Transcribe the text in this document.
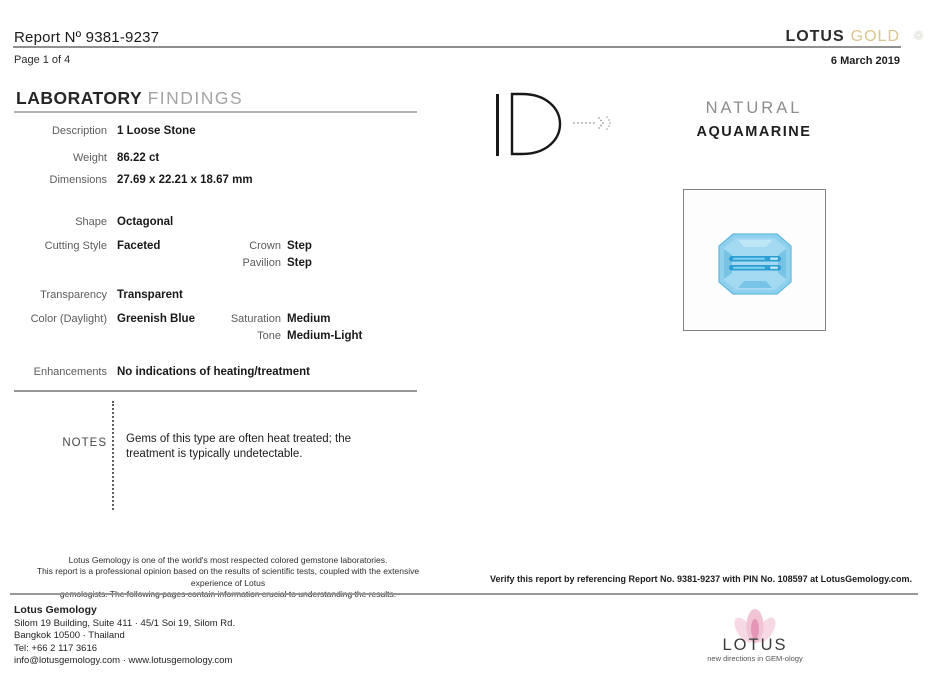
Report Nº 9381-9237	LOTUS GOLD ❁
Page 1 of 4	6 March 2019
LABORATORY FINDINGS
Description 1 Loose Stone
Weight 86.22 ct
Dimensions 27.69 x 22.21 x 18.67 mm
Shape Octagonal
Cutting Style Faceted	Crown Step
Pavilion Step
Transparency Transparent
Color (Daylight) Greenish Blue	Saturation Medium
Tone Medium-Light
Enhancements No indications of heating/treatment
NOTES Gems of this type are often heat treated; the treatment is typically undetectable.
NATURAL
AQUAMARINE
Lotus Gemology is one of the world's most respected colored gemstone laboratories.
This report is a professional opinion based on the results of scientific tests, coupled with the extensive experience of Lotus	Verify this report by referencing Report No. 9381-9237 with PIN No. 108597 at LotusGemology.com.
Lotus Gemology
Silom 19 Building, Suite 411 · 45/1 Soi 19, Silom Rd.
Bangkok 10500 · Thailand
Tel: +66 2 117 3616
info@lotusgemology.com · www.lotusgemology.com
LOTUS
new directions in GEM-ology
